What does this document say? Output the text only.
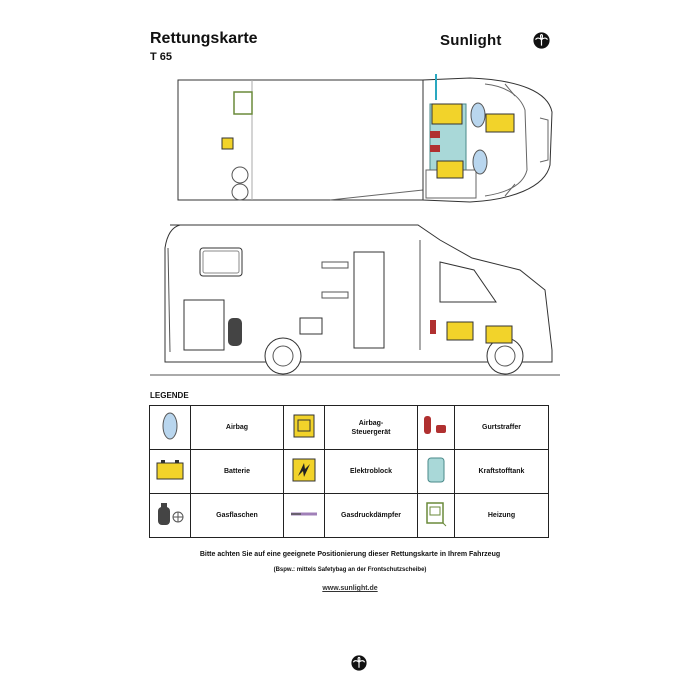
Rettungskarte
T 65
Sunlight
LEGENDE
	Airbag		Airbag-
Steuergerät		Gurtstraffer
	Batterie		Elektroblock		Kraftstofftank
	Gasflaschen		Gasdruckdämpfer		Heizung
Bitte achten Sie auf eine geeignete Positionierung dieser Rettungskarte in Ihrem Fahrzeug
(Bspw.: mittels Safetybag an der Frontschutzscheibe)
www.sunlight.de
